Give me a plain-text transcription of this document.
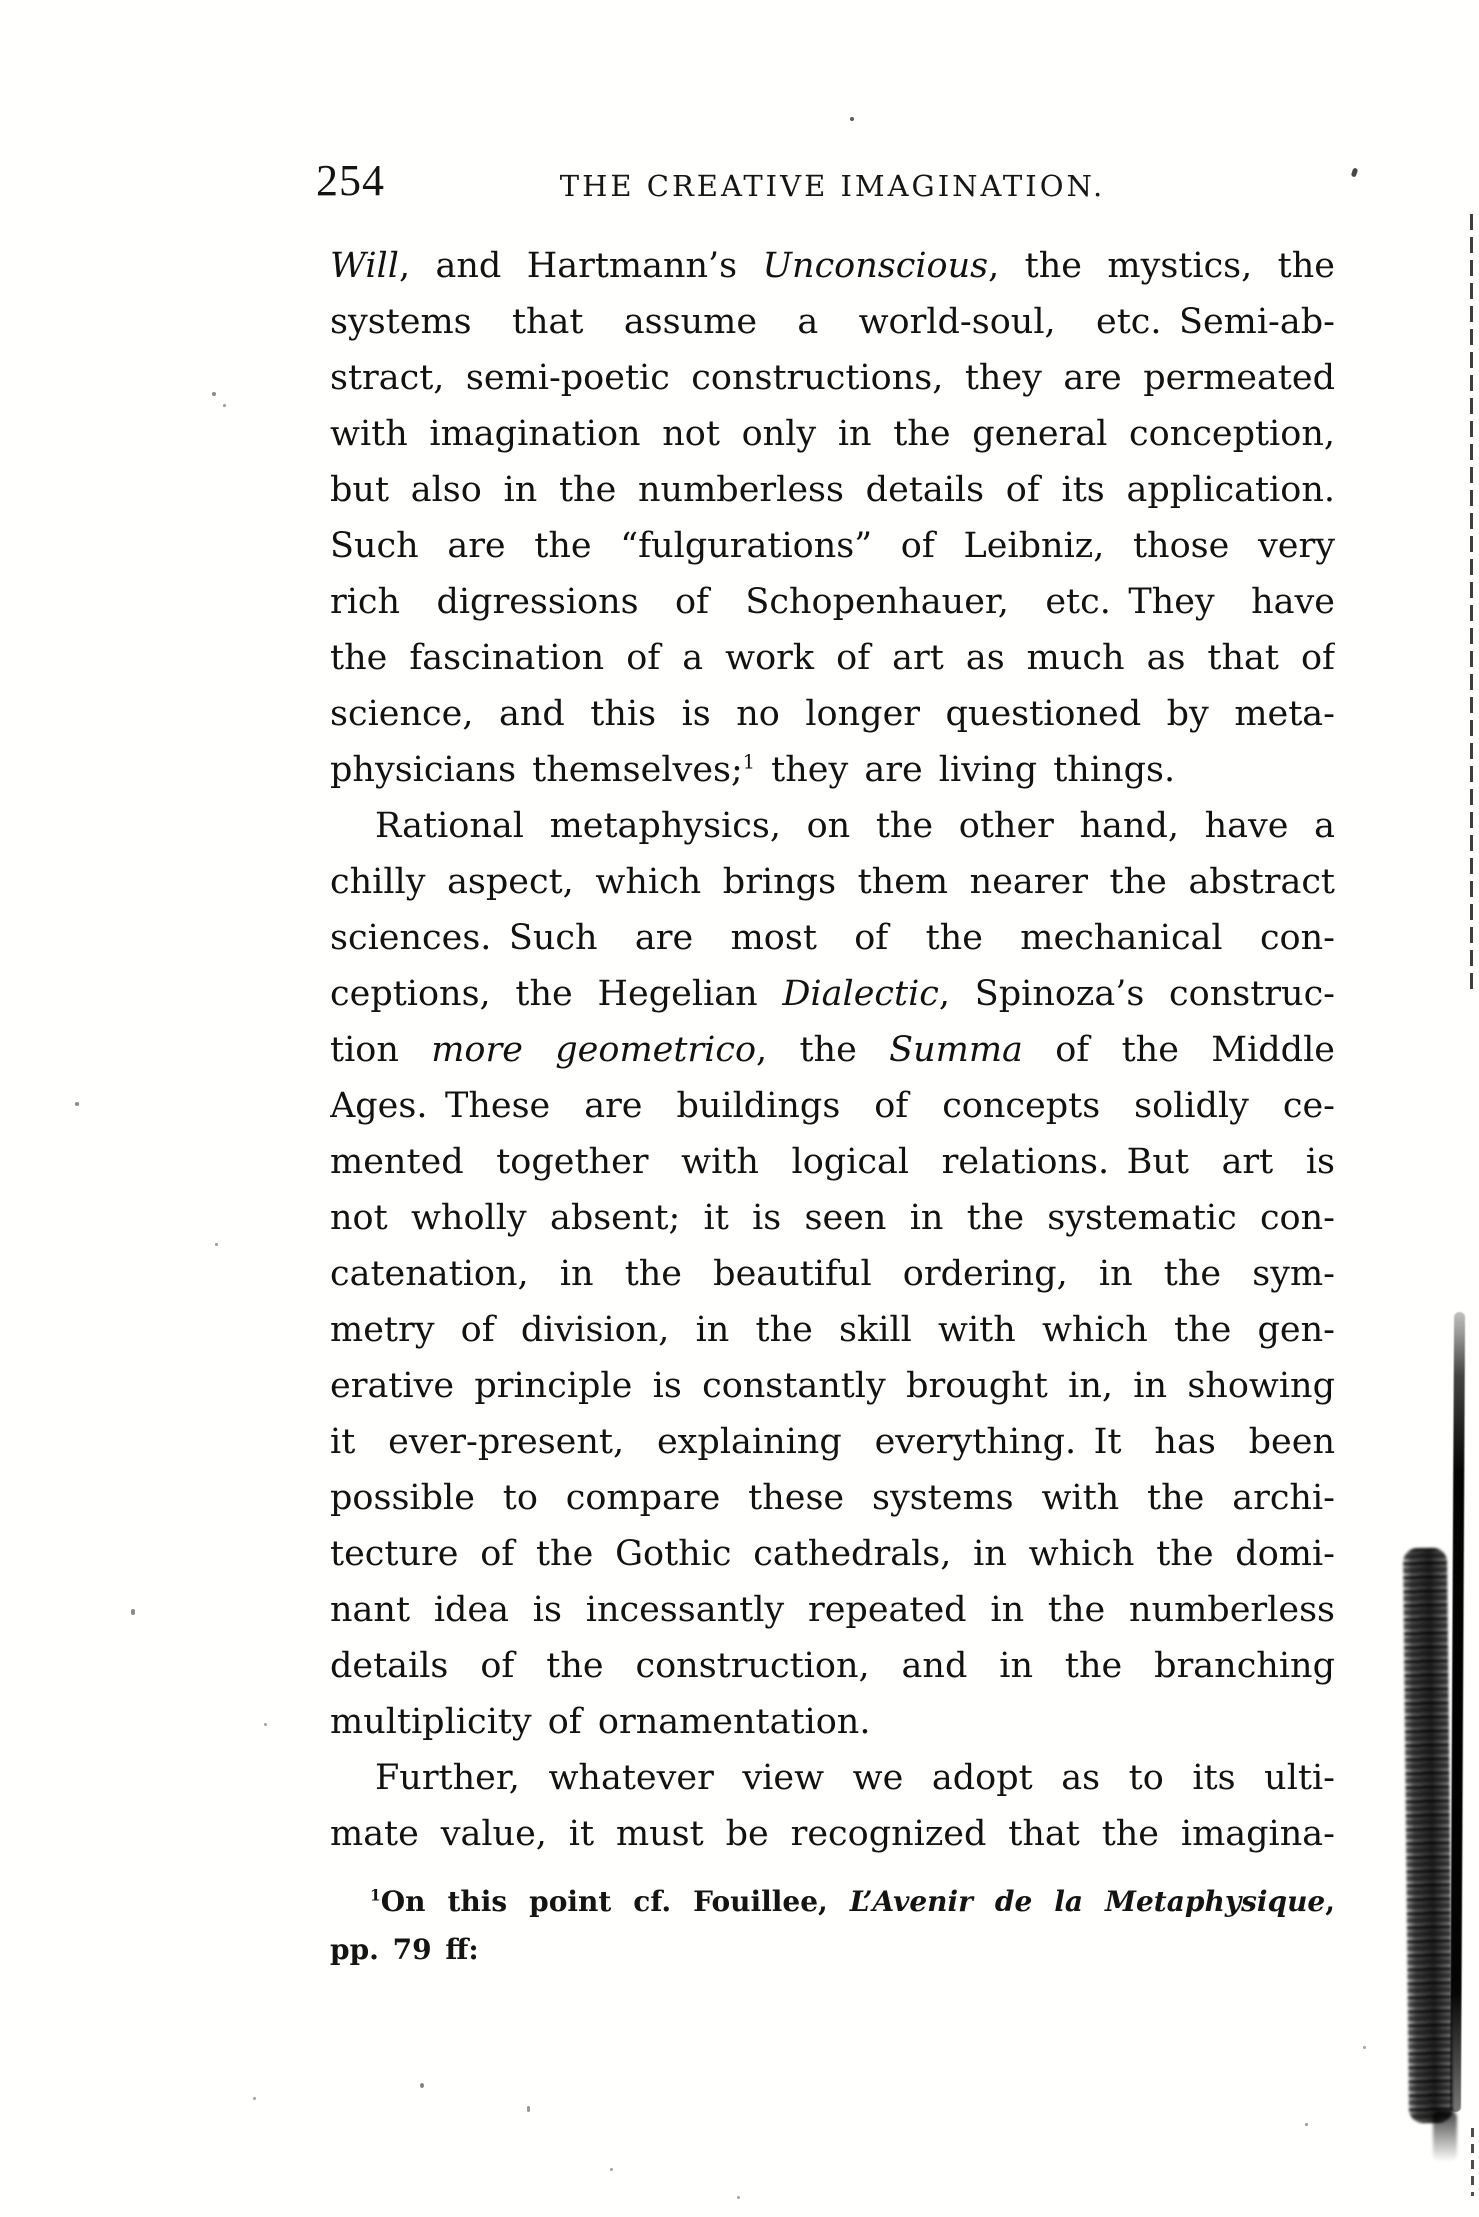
254	THE CREATIVE IMAGINATION.
Will, and Hartmann’s Unconscious, the mystics, the
systems that assume a world-soul, etc. Semi-ab-
stract, semi-poetic constructions, they are permeated
with imagination not only in the general conception,
but also in the numberless details of its application.
Such are the “fulgurations” of Leibniz, those very
rich digressions of Schopenhauer, etc. They have
the fascination of a work of art as much as that of
science, and this is no longer questioned by meta-
physicians themselves;$^1$ they are living things.
Rational metaphysics, on the other hand, have a
chilly aspect, which brings them nearer the abstract
sciences. Such are most of the mechanical con-
ceptions, the Hegelian Dialectic, Spinoza’s construc-
tion more geometrico, the Summa of the Middle
Ages. These are buildings of concepts solidly ce-
mented together with logical relations. But art is
not wholly absent; it is seen in the systematic con-
catenation, in the beautiful ordering, in the sym-
metry of division, in the skill with which the gen-
erative principle is constantly brought in, in showing
it ever-present, explaining everything. It has been
possible to compare these systems with the archi-
tecture of the Gothic cathedrals, in which the domi-
nant idea is incessantly repeated in the numberless
details of the construction, and in the branching
multiplicity of ornamentation.
Further, whatever view we adopt as to its ulti-
mate value, it must be recognized that the imagina-
$^1$On this point cf. Fouillee, L’Avenir de la Metaphysique,
pp. 79 ff:
